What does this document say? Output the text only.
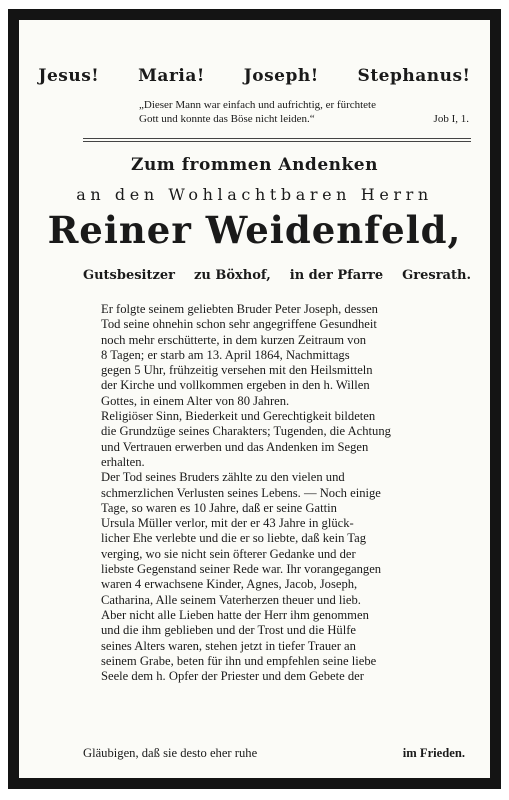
Jesus! Maria! Joseph! Stephanus!
„Dieser Mann war einfach und aufrichtig, er fürchtete
Gott und konnte das Böse nicht leiden.“	Job I, 1.
Zum frommen Andenken
an den Wohlachtbaren Herrn
Reiner Weidenfeld,
Gutsbesitzer zu Böxhof, in der Pfarre Gresrath.

Er folgte seinem geliebten Bruder Peter Joseph, dessen
Tod seine ohnehin schon sehr angegriffene Gesundheit
noch mehr erschütterte, in dem kurzen Zeitraum von
8 Tagen; er starb am 13. April 1864, Nachmittags
gegen 5 Uhr, frühzeitig versehen mit den Heilsmitteln
der Kirche und vollkommen ergeben in den h. Willen
Gottes, in einem Alter von 80 Jahren.

Religiöser Sinn, Biederkeit und Gerechtigkeit bildeten
die Grundzüge seines Charakters; Tugenden, die Achtung
und Vertrauen erwerben und das Andenken im Segen
erhalten.

Der Tod seines Bruders zählte zu den vielen und
schmerzlichen Verlusten seines Lebens. — Noch einige
Tage, so waren es 10 Jahre, daß er seine Gattin
Ursula Müller verlor, mit der er 43 Jahre in glück-
licher Ehe verlebte und die er so liebte, daß kein Tag
verging, wo sie nicht sein öfterer Gedanke und der
liebste Gegenstand seiner Rede war. Ihr vorangegangen
waren 4 erwachsene Kinder, Agnes, Jacob, Joseph,
Catharina, Alle seinem Vaterherzen theuer und lieb.
Aber nicht alle Lieben hatte der Herr ihm genommen
und die ihm geblieben und der Trost und die Hülfe
seines Alters waren, stehen jetzt in tiefer Trauer an
seinem Grabe, beten für ihn und empfehlen seine liebe
Seele dem h. Opfer der Priester und dem Gebete der

Gläubigen, daß sie desto eher ruhe	im Frieden.
